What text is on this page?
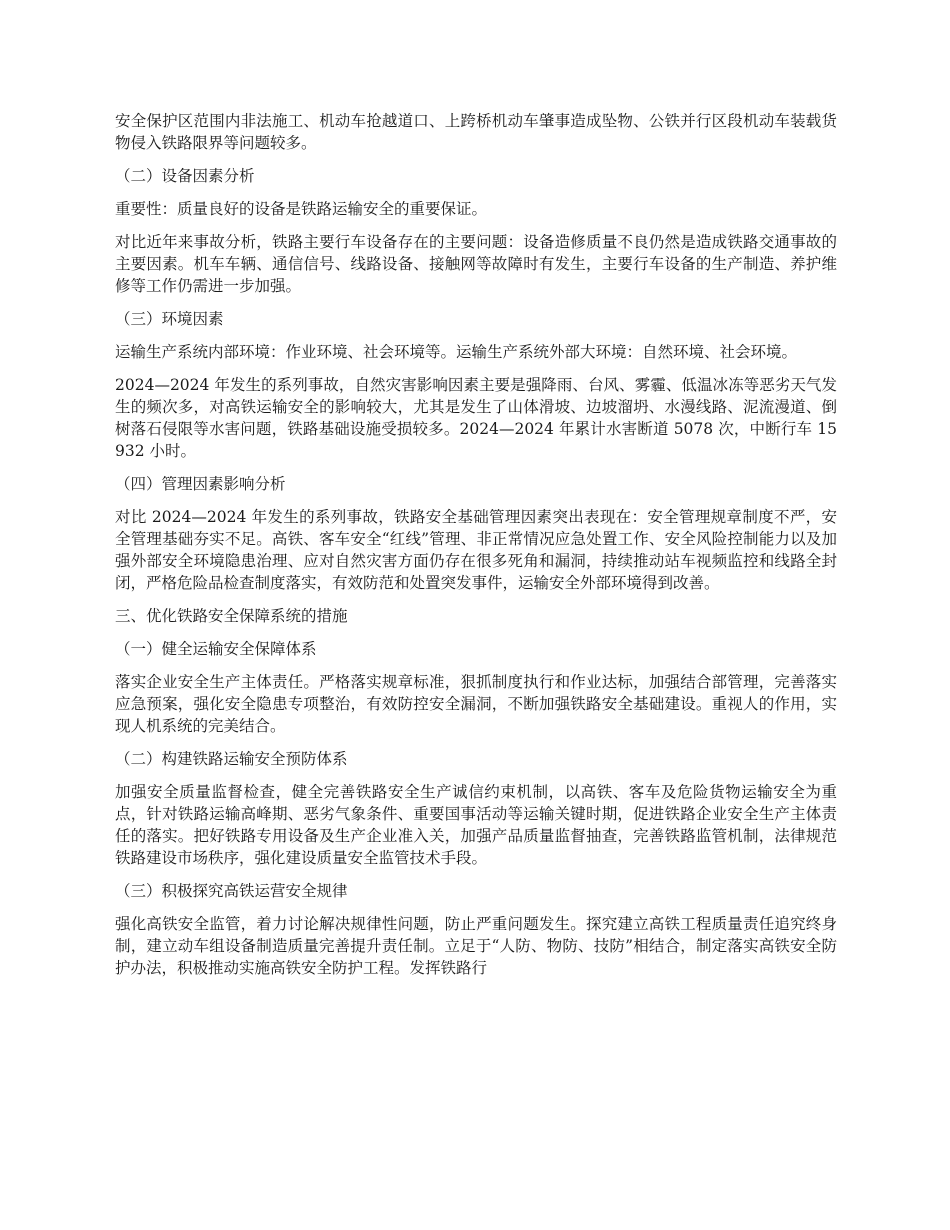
安全保护区范围内非法施工、机动车抢越道口、上跨桥机动车肇事造成坠物、公铁并行区段机动车装载货物侵入铁路限界等问题较多。

（二）设备因素分析

重要性：质量良好的设备是铁路运输安全的重要保证。

对比近年来事故分析，铁路主要行车设备存在的主要问题：设备造修质量不良仍然是造成铁路交通事故的主要因素。机车车辆、通信信号、线路设备、接触网等故障时有发生，主要行车设备的生产制造、养护维修等工作仍需进一步加强。

（三）环境因素

运输生产系统内部环境：作业环境、社会环境等。运输生产系统外部大环境：自然环境、社会环境。

2024—2024 年发生的系列事故，自然灾害影响因素主要是强降雨、台风、雾霾、低温冰冻等恶劣天气发生的频次多，对高铁运输安全的影响较大，尤其是发生了山体滑坡、边坡溜坍、水漫线路、泥流漫道、倒树落石侵限等水害问题，铁路基础设施受损较多。2024—2024 年累计水害断道 5078 次，中断行车 15932 小时。

（四）管理因素影响分析

对比 2024—2024 年发生的系列事故，铁路安全基础管理因素突出表现在：安全管理规章制度不严，安全管理基础夯实不足。高铁、客车安全“红线”管理、非正常情况应急处置工作、安全风险控制能力以及加强外部安全环境隐患治理、应对自然灾害方面仍存在很多死角和漏洞，持续推动站车视频监控和线路全封闭，严格危险品检查制度落实，有效防范和处置突发事件，运输安全外部环境得到改善。

三、优化铁路安全保障系统的措施

（一）健全运输安全保障体系

落实企业安全生产主体责任。严格落实规章标准，狠抓制度执行和作业达标，加强结合部管理，完善落实应急预案，强化安全隐患专项整治，有效防控安全漏洞，不断加强铁路安全基础建设。重视人的作用，实现人机系统的完美结合。

（二）构建铁路运输安全预防体系

加强安全质量监督检查，健全完善铁路安全生产诚信约束机制，以高铁、客车及危险货物运输安全为重点，针对铁路运输高峰期、恶劣气象条件、重要国事活动等运输关键时期，促进铁路企业安全生产主体责任的落实。把好铁路专用设备及生产企业准入关，加强产品质量监督抽查，完善铁路监管机制，法律规范铁路建设市场秩序，强化建设质量安全监管技术手段。

（三）积极探究高铁运营安全规律

强化高铁安全监管，着力讨论解决规律性问题，防止严重问题发生。探究建立高铁工程质量责任追究终身制，建立动车组设备制造质量完善提升责任制。立足于“人防、物防、技防”相结合，制定落实高铁安全防护办法，积极推动实施高铁安全防护工程。发挥铁路行
